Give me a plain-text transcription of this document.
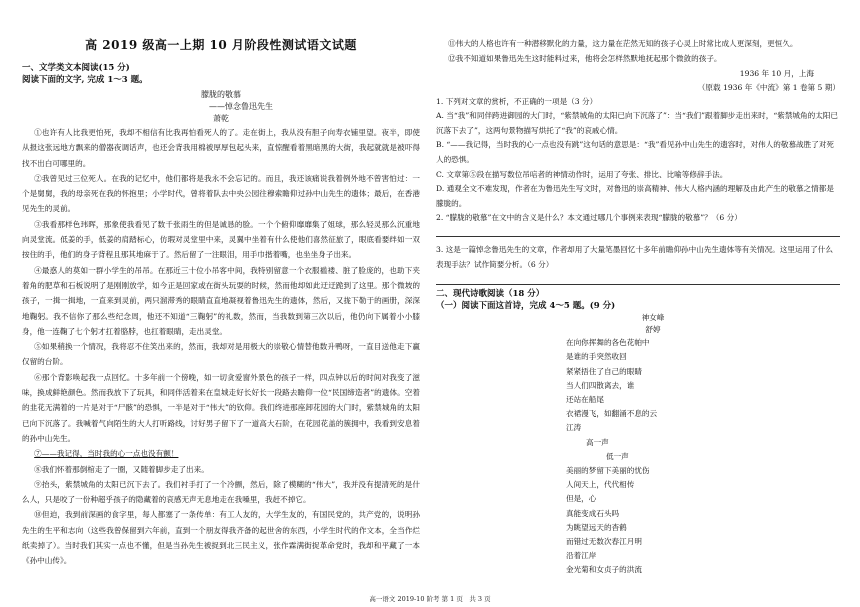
高 2019 级高一上期 10 月阶段性测试语文试题

一、文学类文本阅读(15 分)

阅读下面的文字, 完成 1～3 题。

朦胧的敬慕

——悼念鲁迅先生

萧乾

①也许有人比我更怕死，我却不相信有比我再怕看死人的了。走在街上，我从没有胆子向寿衣铺里望。夜半，即使从报这张远地方飘来的僧器夜调话声，也还会背我用棉被厚厚包起头来，直惊醒看着黑暗黑的大街，我起就就是被吓得找不出白可哪里的。

②我曾见过三位死人。在我的记忆中，他们都将是我永不会忘记的。而且，我还该痛说我着例外地不曾害怕过：一个是舅舅，我的母亲死在我的怀抱里；小学时代，曾将着队去中央公园往穆索瞻仰过孙中山先生的遗体；最后，在香港见先生的灵前。

③我看那样色玮晖，那象使我看见了数千张雨生的但是诚恳的脸。一个个俯仰靡靡集了姐球，那么轻灵那么沉重地向灵堂流。低姜的手，低姜的肩踏标心，仿瑕对灵堂里中来，灵翼中坐着有什么使他们喜然征旅了，眼底看要绊如一双按住的手，他们的身子背程且那其地麻于了。然后留了一注眼泪，用手巾揩着嘴，也坐坐身子出来。

④最惑人的莫如一群小学生的吊吊。在那近三十位小吊客中间，我特别留意一个衣服褴褛、脏了脸庞的，也助下夹着角的肥草和石板说明了是刚刚放学，如今正是回家或在街头玩耍的时候，然而他却如此迂迂跪到了这里。那个微坡的孩子，一揖一揖地，一直来到灵前，两只溜滞秀的眼睛直直地凝视着鲁迅先生的遗体，然后，又拢下勒于的画册，深深地鞠躬。我不信你了那么些纪念周，他还不知道“三鞠躬”的礼数，然而，当我数到第三次以后，他仍向下属着小小膝身，他一连鞠了七个躬才扛着胳脖，也扛着眼睛，走出灵堂。

⑤如果稍换一个情况，我将忍不住笑出来的，然而，我却对是用极大的崇敬心情替他数升鸭呀，一直目送他走下赢仅留的台阶。

⑥那个背影唤起我一点回忆。十多年前一个傍晚，如一切贪爱窗外景色的孩子一样，四点钟以后的时间对我变了滋味，换成鲜艳颜色。然而我放下了玩具，和同伴活着来在皇城走好长好长一段路去瞻仰一位“民国缔造者”的遗体。空着的韭花无满着的一片是对于“尸骸”的恐惧，一半是对于“伟大”的钦仰。我们终进那座卸花园的大门时，紫禁城角的太阳已向下沉落了。我喊着气向陌生的大人打听路线，讨好男子留下了一道高大石阶，在花园花盖的簇拥中，我看到安息着的孙中山先生。

⑦——我记得，当时我的心一点也没有颤！

⑧我们怀着那倒棺走了一圈，又随着脚步走了出来。

⑨抬头，紫禁城角的太阳已沉下去了。我们衬手打了一个冷颤，然后，除了模糊的“伟大”，我并没有提清死的是什么人，只是咬了一份种超乎孩子的隐藏着的哀感无声无息地走在我嗓里，我赶不掉它。

⑩但迫，我到前深画的食字里，每人都塞了一条传单：有工人友的，大学生友的，有国民党的，共产党的，说明孙先生的生平和志向（这些我曾保留到六年前，直到一个朋友得我齐备的起世舍的东西，小学生时代的作文本，全当作烂纸卖掉了）。当时我们其实一点也不懂，但是当孙先生被捉到北三民主义，张作霖满街捉革命党时，我却和平藏了一本《孙中山传》。

⑪伟大的人格也许有一种潜移默化的力量，这力量在茫然无知的孩子心灵上时常比成人更深刻，更恒久。

⑫我不知道如果鲁迅先生这时能料过来，他将会怎样然默地抚起那个微敛的孩子。

1936 年 10 月，上海

（原载 1936 年《中流》第 1 卷第 5 期）

1. 下列对文章的赏析，不正确的一项是（3 分）

A. 当“我”和同伴跨进御园的大门时，“紫禁城角的太阳已向下沉落了”：当“我们”跟着脚步走出来时，“紫禁城角的太阳已沉落下去了”，这两句景物描写烘托了“我”的哀戚心情。

B. “——我记得，当时我的心一点也没有跳”这句话的意思是：“我”看见孙中山先生的遗容时，对伟人的敬慕战胜了对死人的恐惧。

C. 文章第⑤段在描写数位吊唁者的神情动作时，运用了夸张、排比、比喻等修辞手法。

D. 通观全文不难发现，作者在为鲁迅先生写文时，对鲁迅的崇高精神、伟大人格内涵的理解及由此产生的敬慕之情都是朦胧的。

2. “朦胧的敬慕”在文中的含义是什么？本文通过哪几个事例来表现“朦胧的敬慕”？（6 分）

3. 这是一篇悼念鲁迅先生的文章，作者却用了大量笔墨回忆十多年前瞻仰孙中山先生遗体等有关情况。这里运用了什么表现手法？试作简要分析。（6 分）

二、现代诗歌阅读（18 分）

（一）阅读下面这首诗，完成 4～5 题。(9 分)

神女峰

舒婷

在向你挥舞的各色花帕中

是谁的手突然收回

紧紧捂住了自己的眼睛

当人们四散离去，谁

还站在船尾

衣裙漫飞，如翻涌不息的云

江涛

高一声

低一声

美丽的梦留下美丽的忧伤

人间天上，代代相传

但是，心

真能变成石头吗

为眺望远天的杳鹤

而错过无数次春江月明

沿着江岸

金光菊和女贞子的洪流

高一语文 2019-10 阶考 第 1 页　共 3 页
